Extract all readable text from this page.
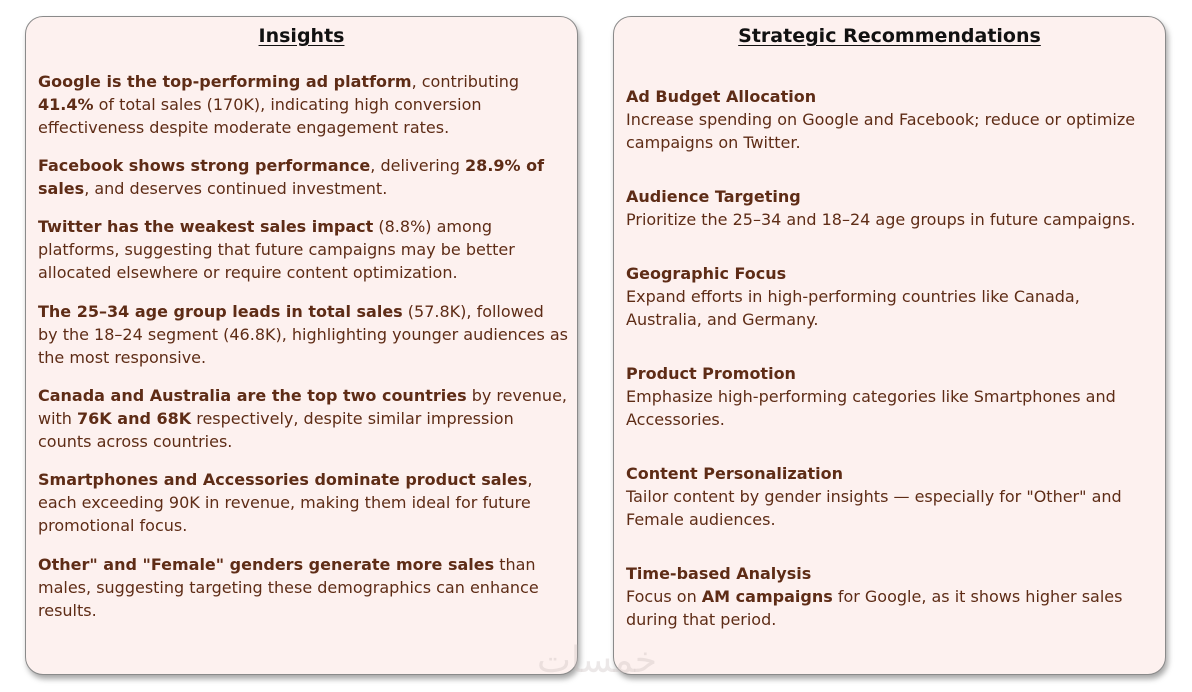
Insights
Google is the top-performing ad platform, contributing 41.4% of total sales (170K), indicating high conversion effectiveness despite moderate engagement rates.
Facebook shows strong performance, delivering 28.9% of sales, and deserves continued investment.
Twitter has the weakest sales impact (8.8%) among platforms, suggesting that future campaigns may be better allocated elsewhere or require content optimization.
The 25–34 age group leads in total sales (57.8K), followed by the 18–24 segment (46.8K), highlighting younger audiences as the most responsive.
Canada and Australia are the top two countries by revenue, with 76K and 68K respectively, despite similar impression counts across countries.
Smartphones and Accessories dominate product sales, each exceeding 90K in revenue, making them ideal for future promotional focus.
Other" and "Female" genders generate more sales than males, suggesting targeting these demographics can enhance results.
Strategic Recommendations
Ad Budget Allocation
Increase spending on Google and Facebook; reduce or optimize campaigns on Twitter.
Audience Targeting
Prioritize the 25–34 and 18–24 age groups in future campaigns.
Geographic Focus
Expand efforts in high-performing countries like Canada, Australia, and Germany.
Product Promotion
Emphasize high-performing categories like Smartphones and Accessories.
Content Personalization
Tailor content by gender insights — especially for "Other" and Female audiences.
Time-based Analysis
Focus on AM campaigns for Google, as it shows higher sales during that period.
خمسات
